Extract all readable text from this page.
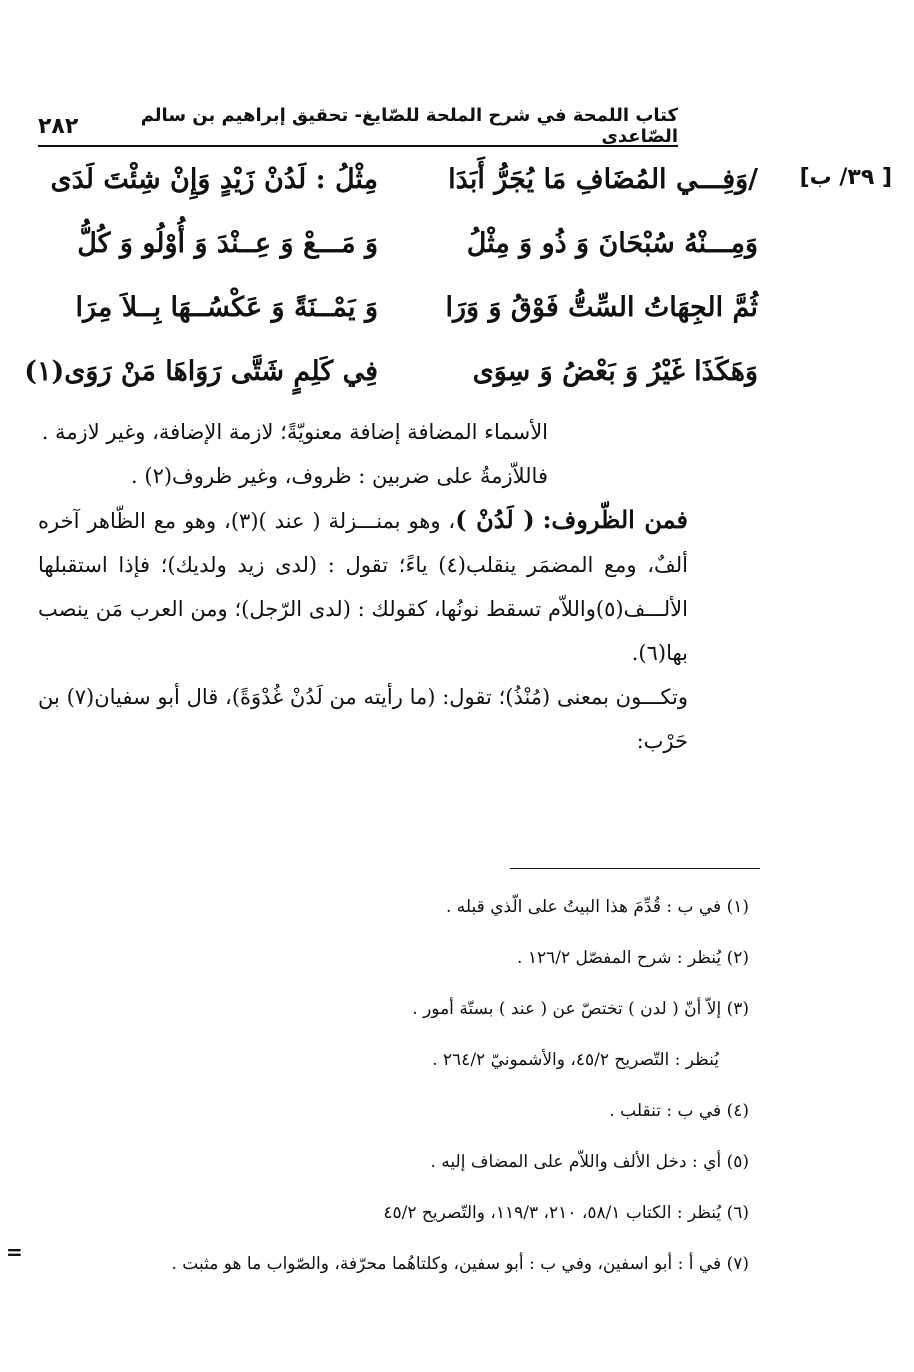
كتاب اللمحة في شرح الملحة للصّايغ- تحقيق إبراهيم بن سالم الصّاعدي
٢٨٢
[ ٣٩/ ب]
/وَفِـــي المُضَافِ مَا يُجَرُّ أَبَدَا
مِثْلُ : لَدُنْ زَيْدٍ وَإِنْ شِئْتَ لَدَى
وَمِـــنْهُ سُبْحَانَ وَ ذُو وَ مِثْلُ
وَ مَـــعْ وَ عِــنْدَ وَ أُوْلُو وَ كُلُّ
ثُمَّ الجِهَاتُ السِّتُّ فَوْقُ وَ وَرَا
وَ يَمْــنَةً وَ عَكْسُــهَا بِــلاَ مِرَا
وَهَكَذَا غَيْرُ وَ بَعْضُ وَ سِوَى
فِي كَلِمٍ شَتَّى رَوَاهَا مَنْ رَوَى(١)

الأسماء المضافة إضافة معنويّةً؛ لازمة الإضافة، وغير لازمة .

فاللاّزمةُ على ضربين : ظروف، وغير ظروف(٢) .

فمن الظّروف: ( لَدُنْ )، وهو بمنـــزلة ( عند )(٣)، وهو مع الظّاهر آخره ألفٌ، ومع المضمَر ينقلب(٤) ياءً؛ تقول : (لدى زيد ولديك)؛ فإذا استقبلها الألـــف(٥)واللاّم تسقط نونُها، كقولك : (لدى الرّجل)؛ ومن العرب مَن ينصب بها(٦).

وتكـــون بمعنى (مُنْذُ)؛ تقول: (ما رأيته من لَدُنْ غُدْوَةً)، قال أبو سفيان(٧) بن حَرْب:

(١) في ب : قُدِّمَ هذا البيتُ على الّذي قبله .
(٢) يُنظر : شرح المفصّل ١٢٦/٢ .
(٣) إلاّ أنّ ( لدن ) تختصّ عن ( عند ) بستّة أمور .
يُنظر : التّصريح ٤٥/٢، والأشمونيّ ٢٦٤/٢ .
(٤) في ب : تنقلب .
(٥) أي : دخل الألف واللاّم على المضاف إليه .
(٦) يُنظر : الكتاب ٥٨/١، ٢١٠، ١١٩/٣، والتّصريح ٤٥/٢
(٧) في أ : أبو اسفين، وفي ب : أبو سفين، وكلتاهُما محرّفة، والصّواب ما هو مثبت .
=
